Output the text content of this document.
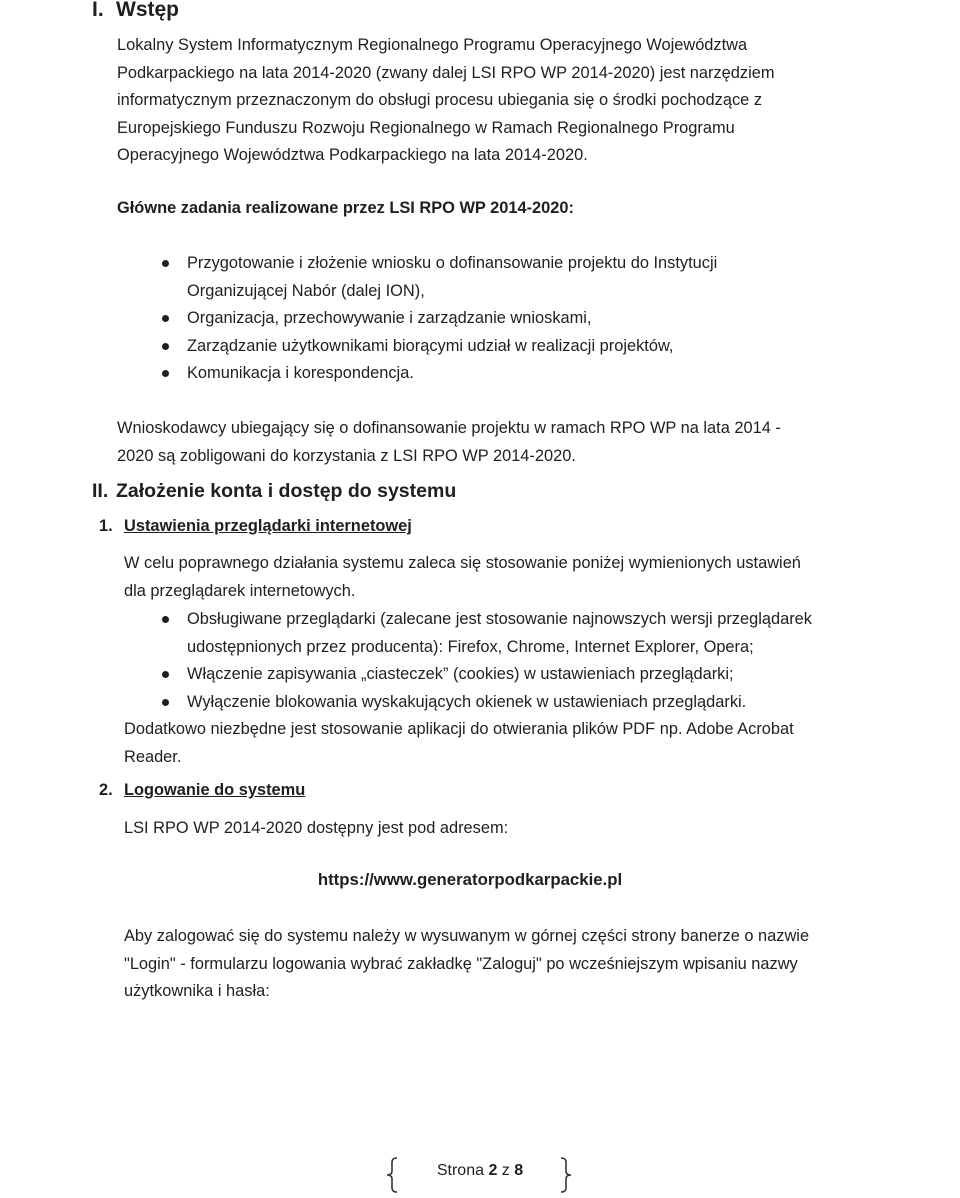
I. Wstęp
Lokalny System Informatycznym Regionalnego Programu Operacyjnego Województwa
Podkarpackiego na lata 2014-2020 (zwany dalej LSI RPO WP 2014-2020) jest narzędziem
informatycznym przeznaczonym do obsługi procesu ubiegania się o środki pochodzące z
Europejskiego Funduszu Rozwoju Regionalnego w Ramach Regionalnego Programu
Operacyjnego Województwa Podkarpackiego na lata 2014-2020.
Główne zadania realizowane przez LSI RPO WP 2014-2020:
Przygotowanie i złożenie wniosku o dofinansowanie projektu do Instytucji
Organizującej Nabór (dalej ION),
Organizacja, przechowywanie i zarządzanie wnioskami,
Zarządzanie użytkownikami biorącymi udział w realizacji projektów,
Komunikacja i korespondencja.
Wnioskodawcy ubiegający się o dofinansowanie projektu w ramach RPO WP na lata 2014 -
2020 są zobligowani do korzystania z LSI RPO WP 2014-2020.
II. Założenie konta i dostęp do systemu
1. Ustawienia przeglądarki internetowej
W celu poprawnego działania systemu zaleca się stosowanie poniżej wymienionych ustawień
dla przeglądarek internetowych.
Obsługiwane przeglądarki (zalecane jest stosowanie najnowszych wersji przeglądarek
udostępnionych przez producenta): Firefox, Chrome, Internet Explorer, Opera;
Włączenie zapisywania „ciasteczek” (cookies) w ustawieniach przeglądarki;
Wyłączenie blokowania wyskakujących okienek w ustawieniach przeglądarki.
Dodatkowo niezbędne jest stosowanie aplikacji do otwierania plików PDF np. Adobe Acrobat
Reader.
2. Logowanie do systemu
LSI RPO WP 2014-2020 dostępny jest pod adresem:
https://www.generatorpodkarpackie.pl
Aby zalogować się do systemu należy w wysuwanym w górnej części strony banerze o nazwie
"Login" - formularzu logowania wybrać zakładkę "Zaloguj" po wcześniejszym wpisaniu nazwy
użytkownika i hasła:
Strona 2 z 8
